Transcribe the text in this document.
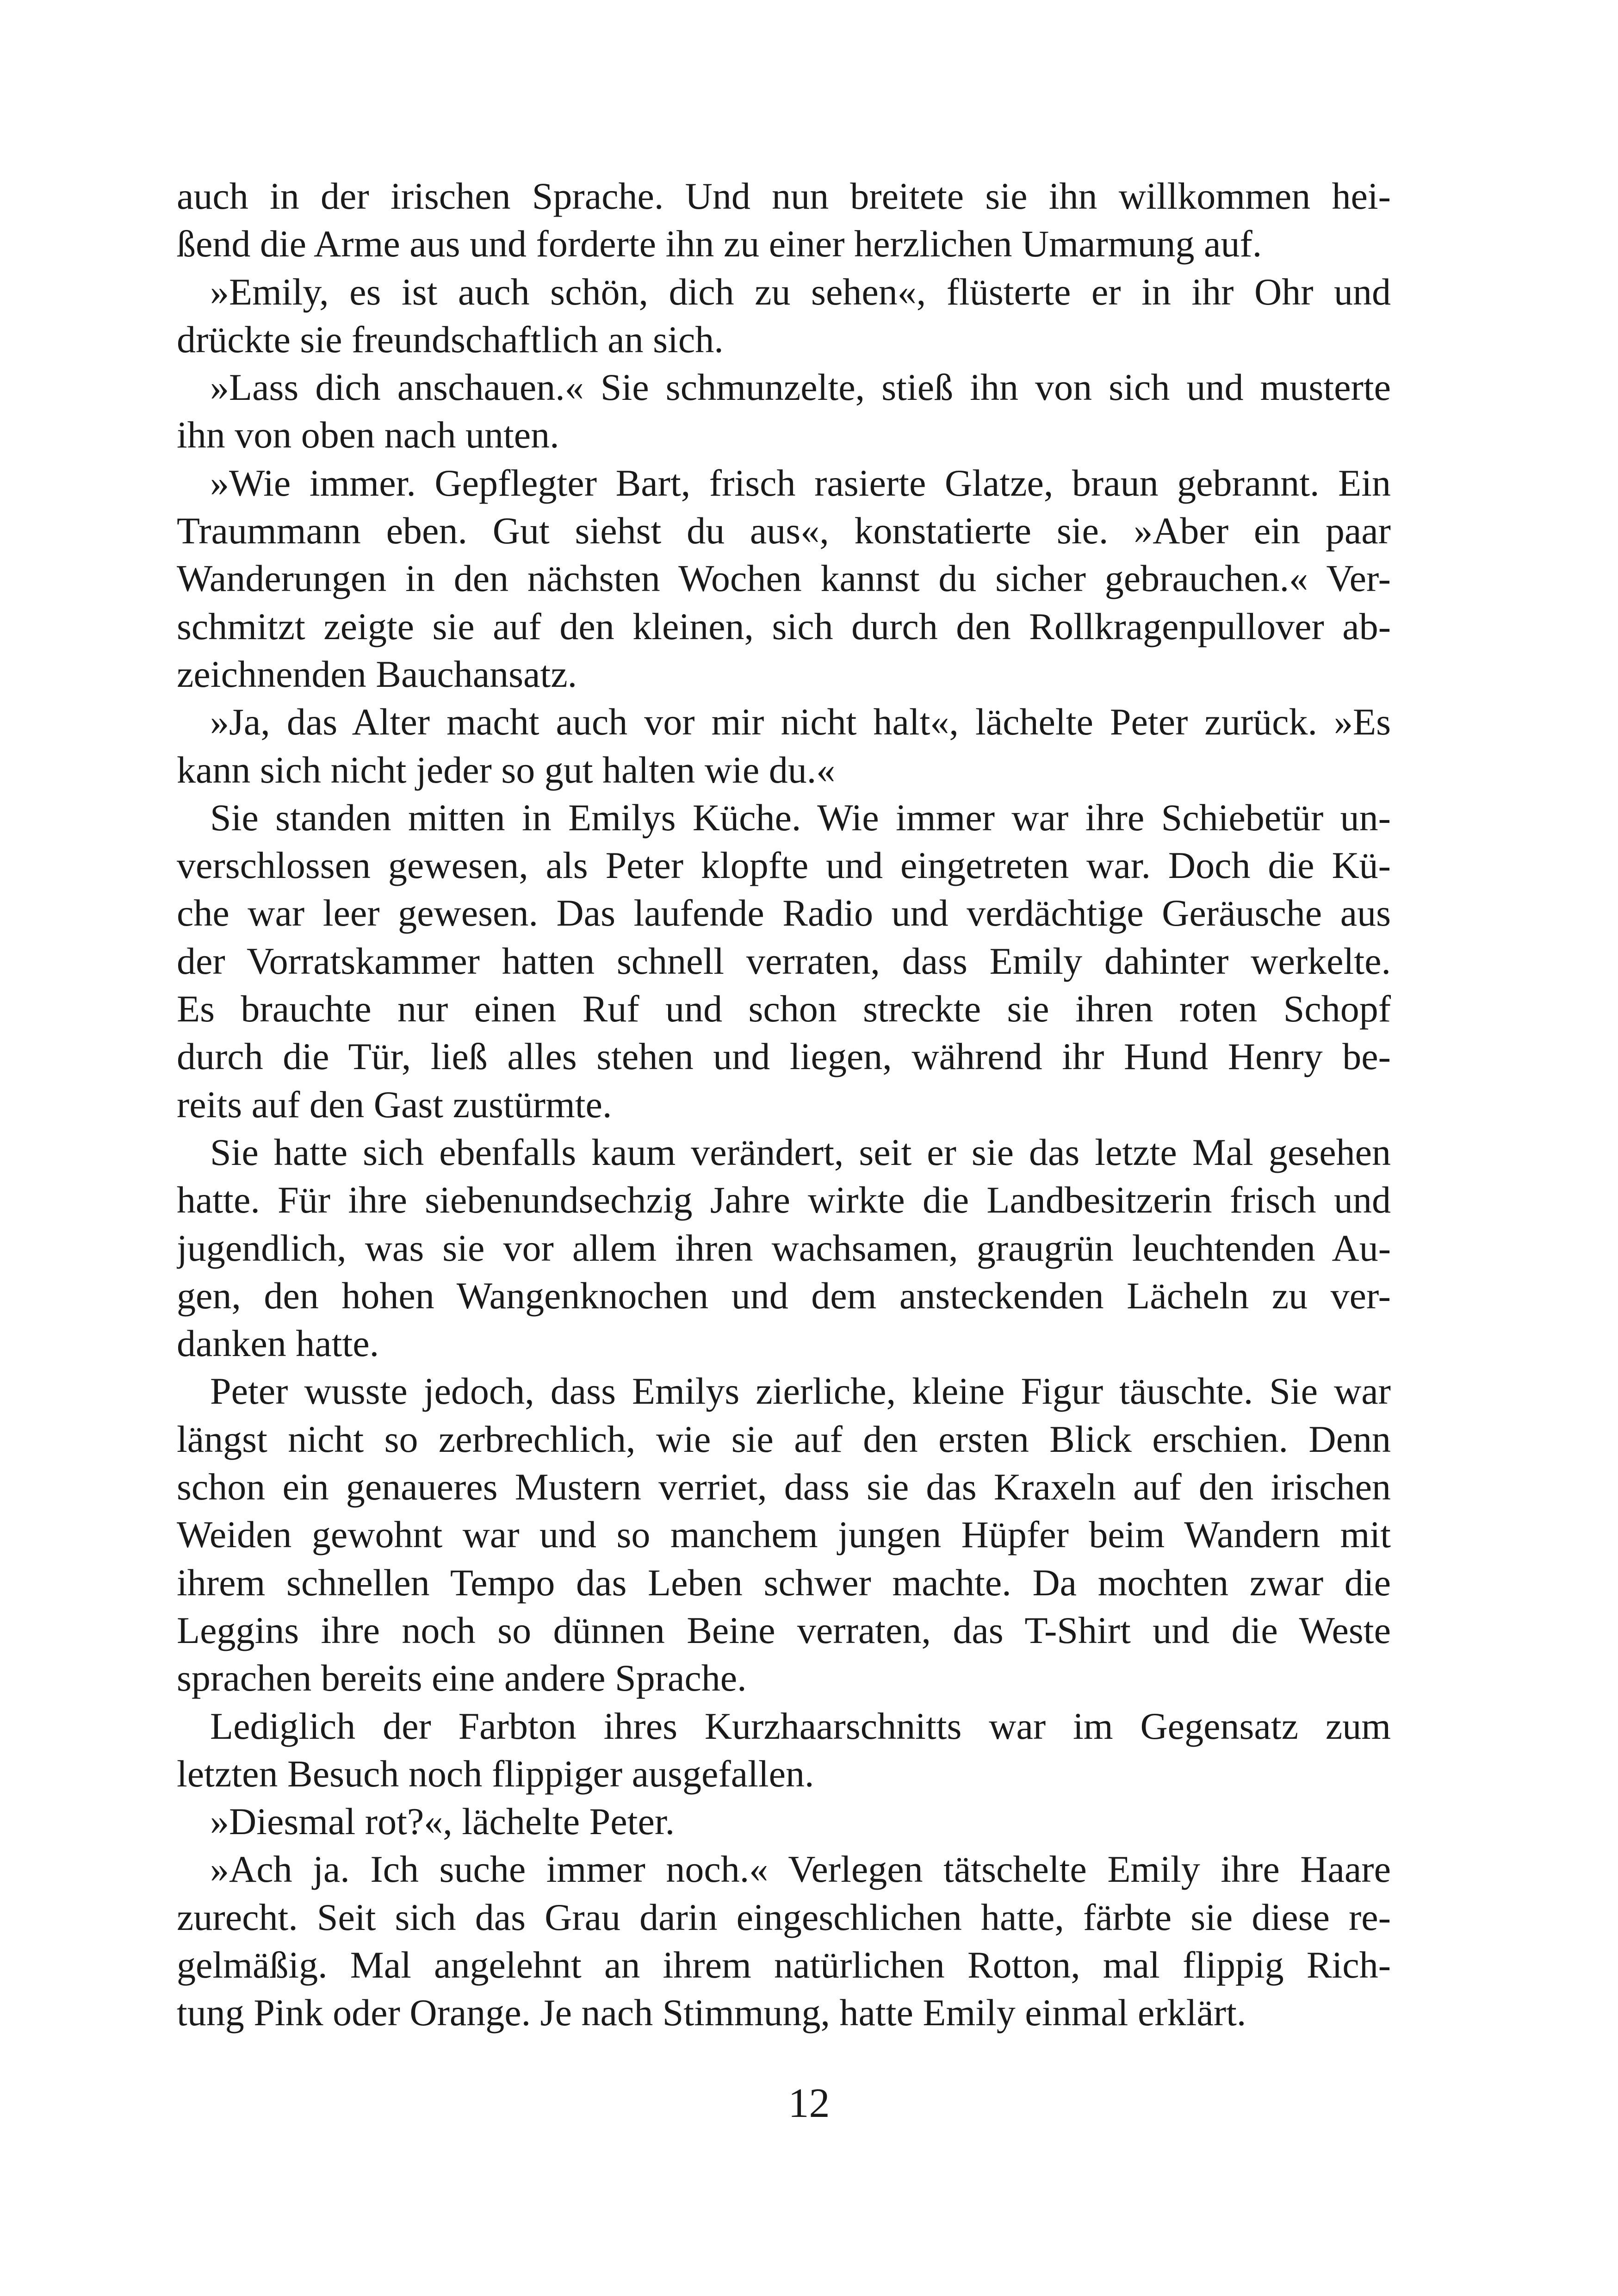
auch in der irischen Sprache. Und nun breitete sie ihn willkommen hei-
ßend die Arme aus und forderte ihn zu einer herzlichen Umarmung auf.
»Emily, es ist auch schön, dich zu sehen«, flüsterte er in ihr Ohr und
drückte sie freundschaftlich an sich.
»Lass dich anschauen.« Sie schmunzelte, stieß ihn von sich und musterte
ihn von oben nach unten.
»Wie immer. Gepflegter Bart, frisch rasierte Glatze, braun gebrannt. Ein
Traummann eben. Gut siehst du aus«, konstatierte sie. »Aber ein paar
Wanderungen in den nächsten Wochen kannst du sicher gebrauchen.« Ver-
schmitzt zeigte sie auf den kleinen, sich durch den Rollkragenpullover ab-
zeichnenden Bauchansatz.
»Ja, das Alter macht auch vor mir nicht halt«, lächelte Peter zurück. »Es
kann sich nicht jeder so gut halten wie du.«
Sie standen mitten in Emilys Küche. Wie immer war ihre Schiebetür un-
verschlossen gewesen, als Peter klopfte und eingetreten war. Doch die Kü-
che war leer gewesen. Das laufende Radio und verdächtige Geräusche aus
der Vorratskammer hatten schnell verraten, dass Emily dahinter werkelte.
Es brauchte nur einen Ruf und schon streckte sie ihren roten Schopf
durch die Tür, ließ alles stehen und liegen, während ihr Hund Henry be-
reits auf den Gast zustürmte.
Sie hatte sich ebenfalls kaum verändert, seit er sie das letzte Mal gesehen
hatte. Für ihre siebenundsechzig Jahre wirkte die Landbesitzerin frisch und
jugendlich, was sie vor allem ihren wachsamen, graugrün leuchtenden Au-
gen, den hohen Wangenknochen und dem ansteckenden Lächeln zu ver-
danken hatte.
Peter wusste jedoch, dass Emilys zierliche, kleine Figur täuschte. Sie war
längst nicht so zerbrechlich, wie sie auf den ersten Blick erschien. Denn
schon ein genaueres Mustern verriet, dass sie das Kraxeln auf den irischen
Weiden gewohnt war und so manchem jungen Hüpfer beim Wandern mit
ihrem schnellen Tempo das Leben schwer machte. Da mochten zwar die
Leggins ihre noch so dünnen Beine verraten, das T-Shirt und die Weste
sprachen bereits eine andere Sprache.
Lediglich der Farbton ihres Kurzhaarschnitts war im Gegensatz zum
letzten Besuch noch flippiger ausgefallen.
»Diesmal rot?«, lächelte Peter.
»Ach ja. Ich suche immer noch.« Verlegen tätschelte Emily ihre Haare
zurecht. Seit sich das Grau darin eingeschlichen hatte, färbte sie diese re-
gelmäßig. Mal angelehnt an ihrem natürlichen Rotton, mal flippig Rich-
tung Pink oder Orange. Je nach Stimmung, hatte Emily einmal erklärt.
12
